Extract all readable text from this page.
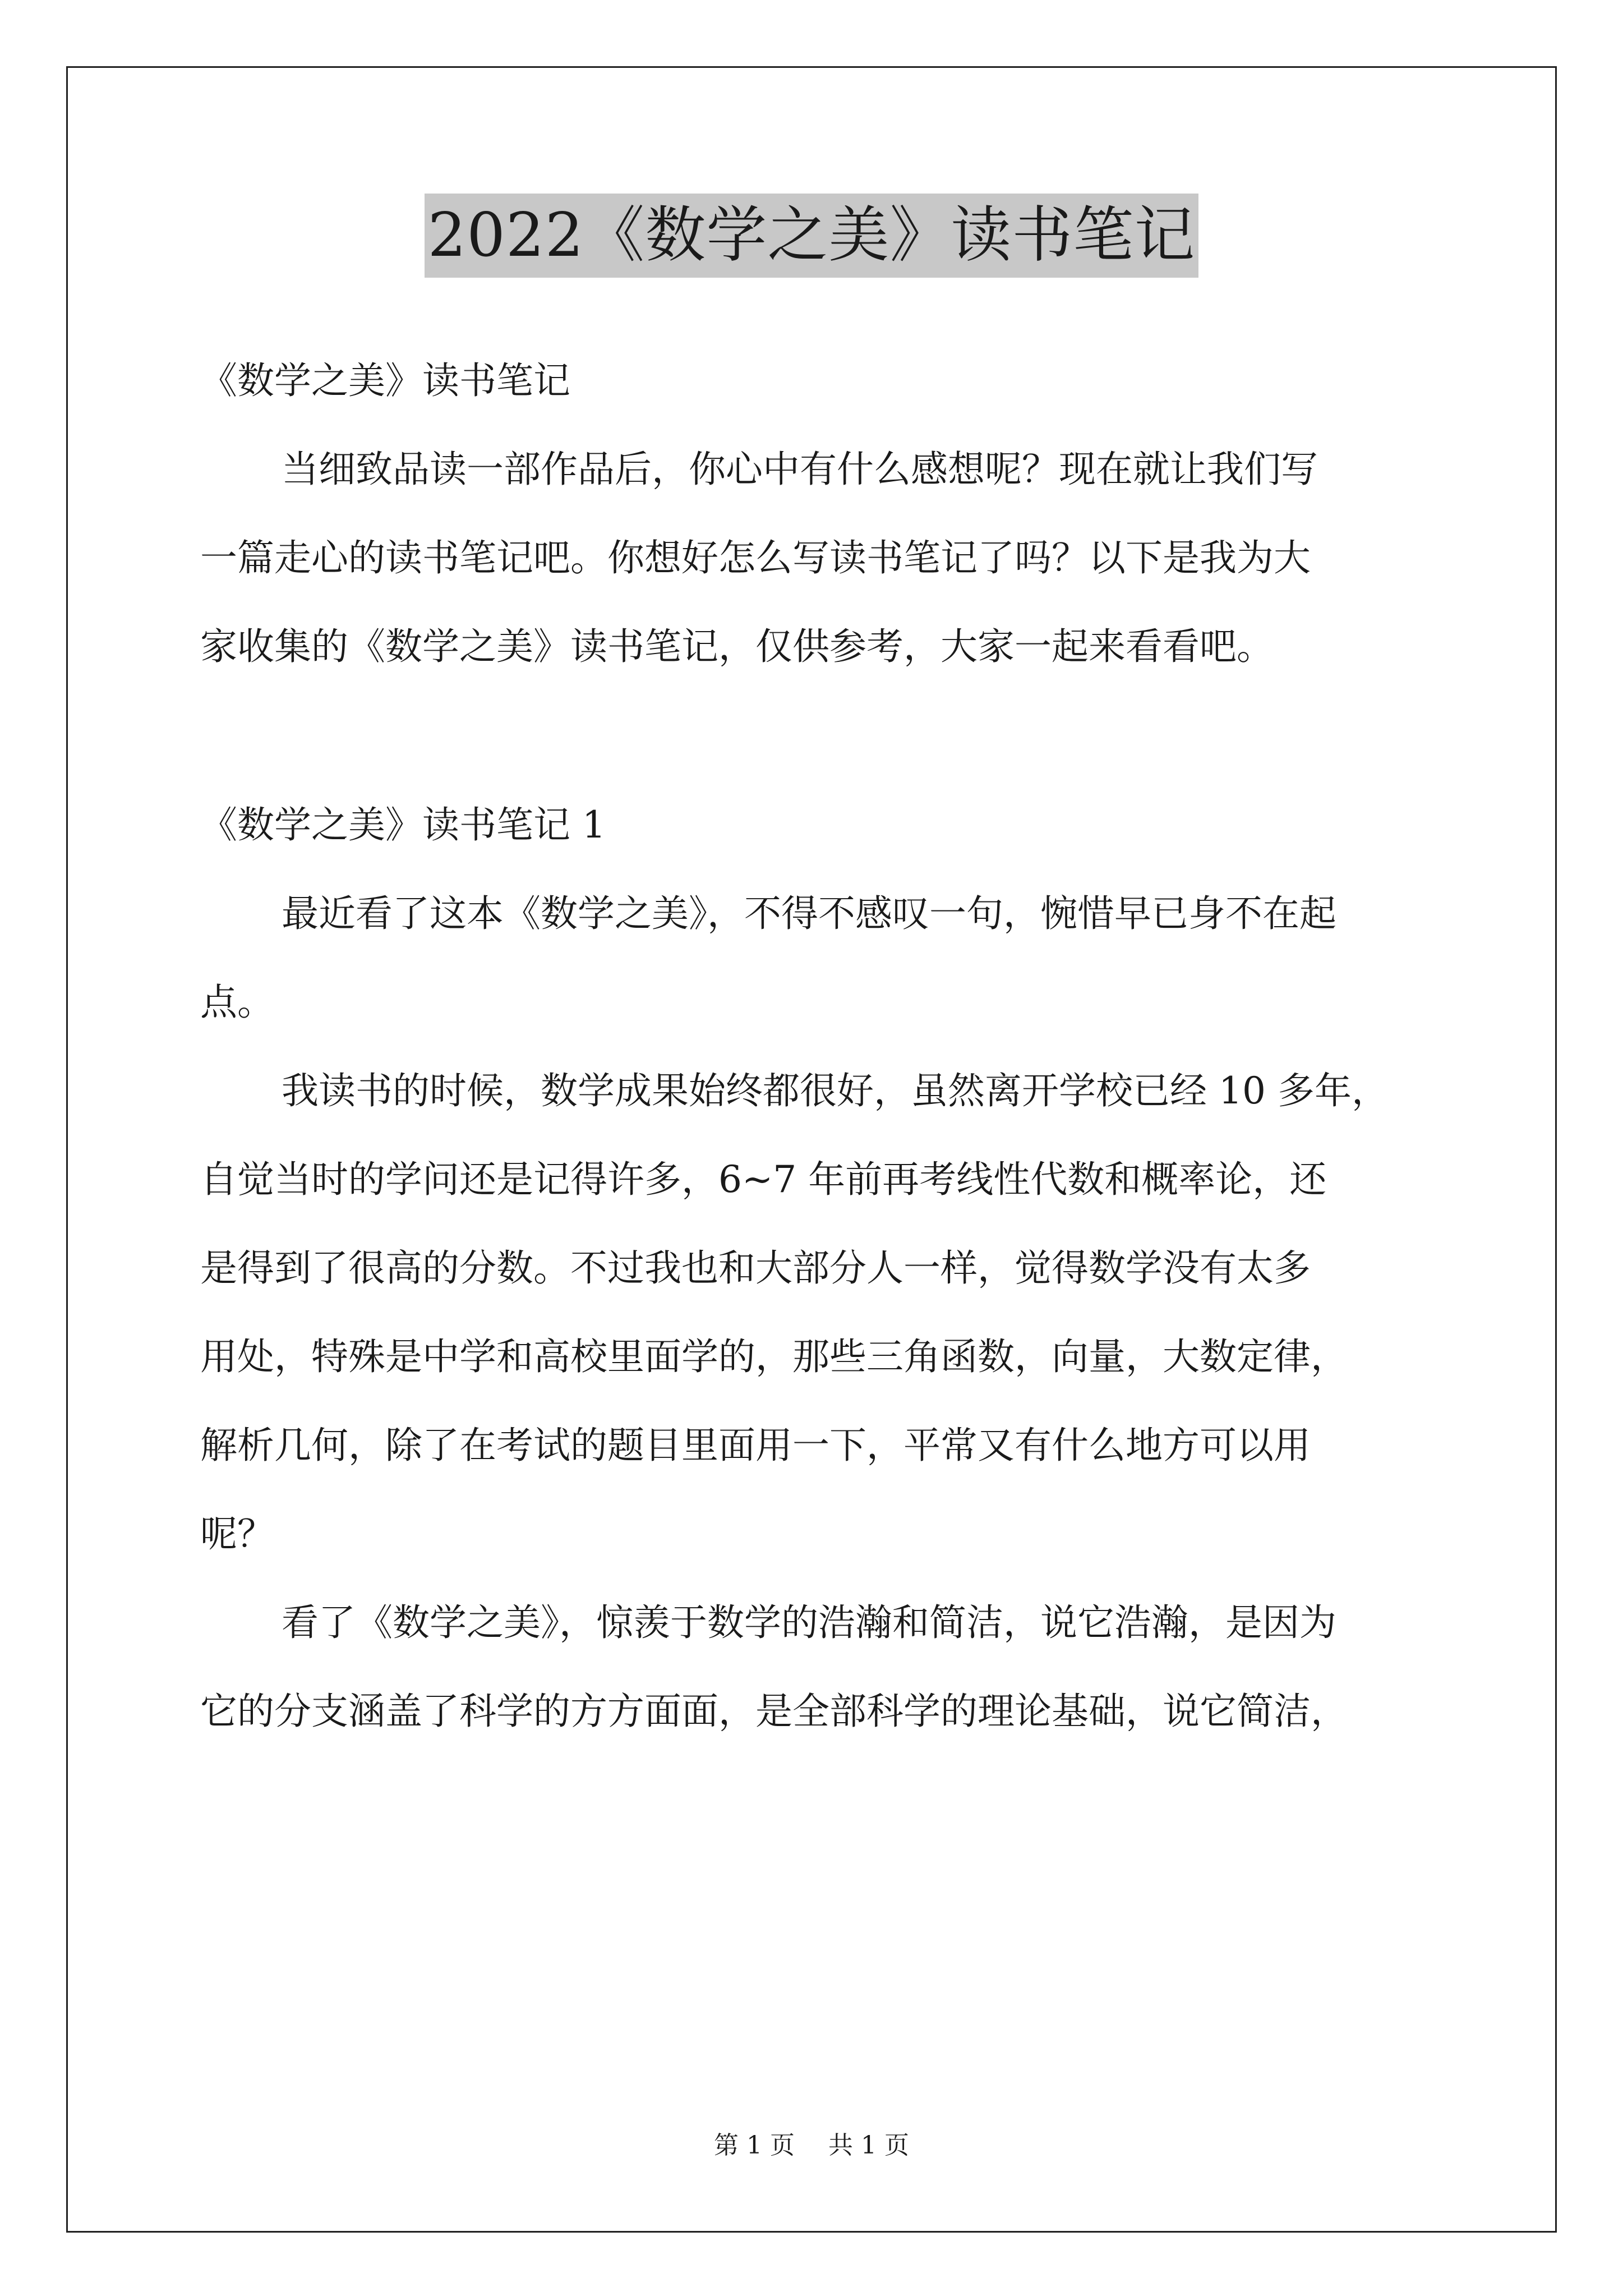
2022《数学之美》读书笔记
《数学之美》读书笔记
当细致品读一部作品后，你心中有什么感想呢？现在就让我们写
一篇走心的读书笔记吧。你想好怎么写读书笔记了吗？以下是我为大
家收集的《数学之美》读书笔记，仅供参考，大家一起来看看吧。
《数学之美》读书笔记 1
最近看了这本《数学之美》，不得不感叹一句，惋惜早已身不在起
点。
我读书的时候，数学成果始终都很好，虽然离开学校已经 10 多年，
自觉当时的学问还是记得许多，6~7 年前再考线性代数和概率论，还
是得到了很高的分数。不过我也和大部分人一样，觉得数学没有太多
用处，特殊是中学和高校里面学的，那些三角函数，向量，大数定律，
解析几何，除了在考试的题目里面用一下，平常又有什么地方可以用
呢？
看了《数学之美》，惊羡于数学的浩瀚和简洁，说它浩瀚，是因为
它的分支涵盖了科学的方方面面，是全部科学的理论基础，说它简洁，
第 1 页 共 1 页
